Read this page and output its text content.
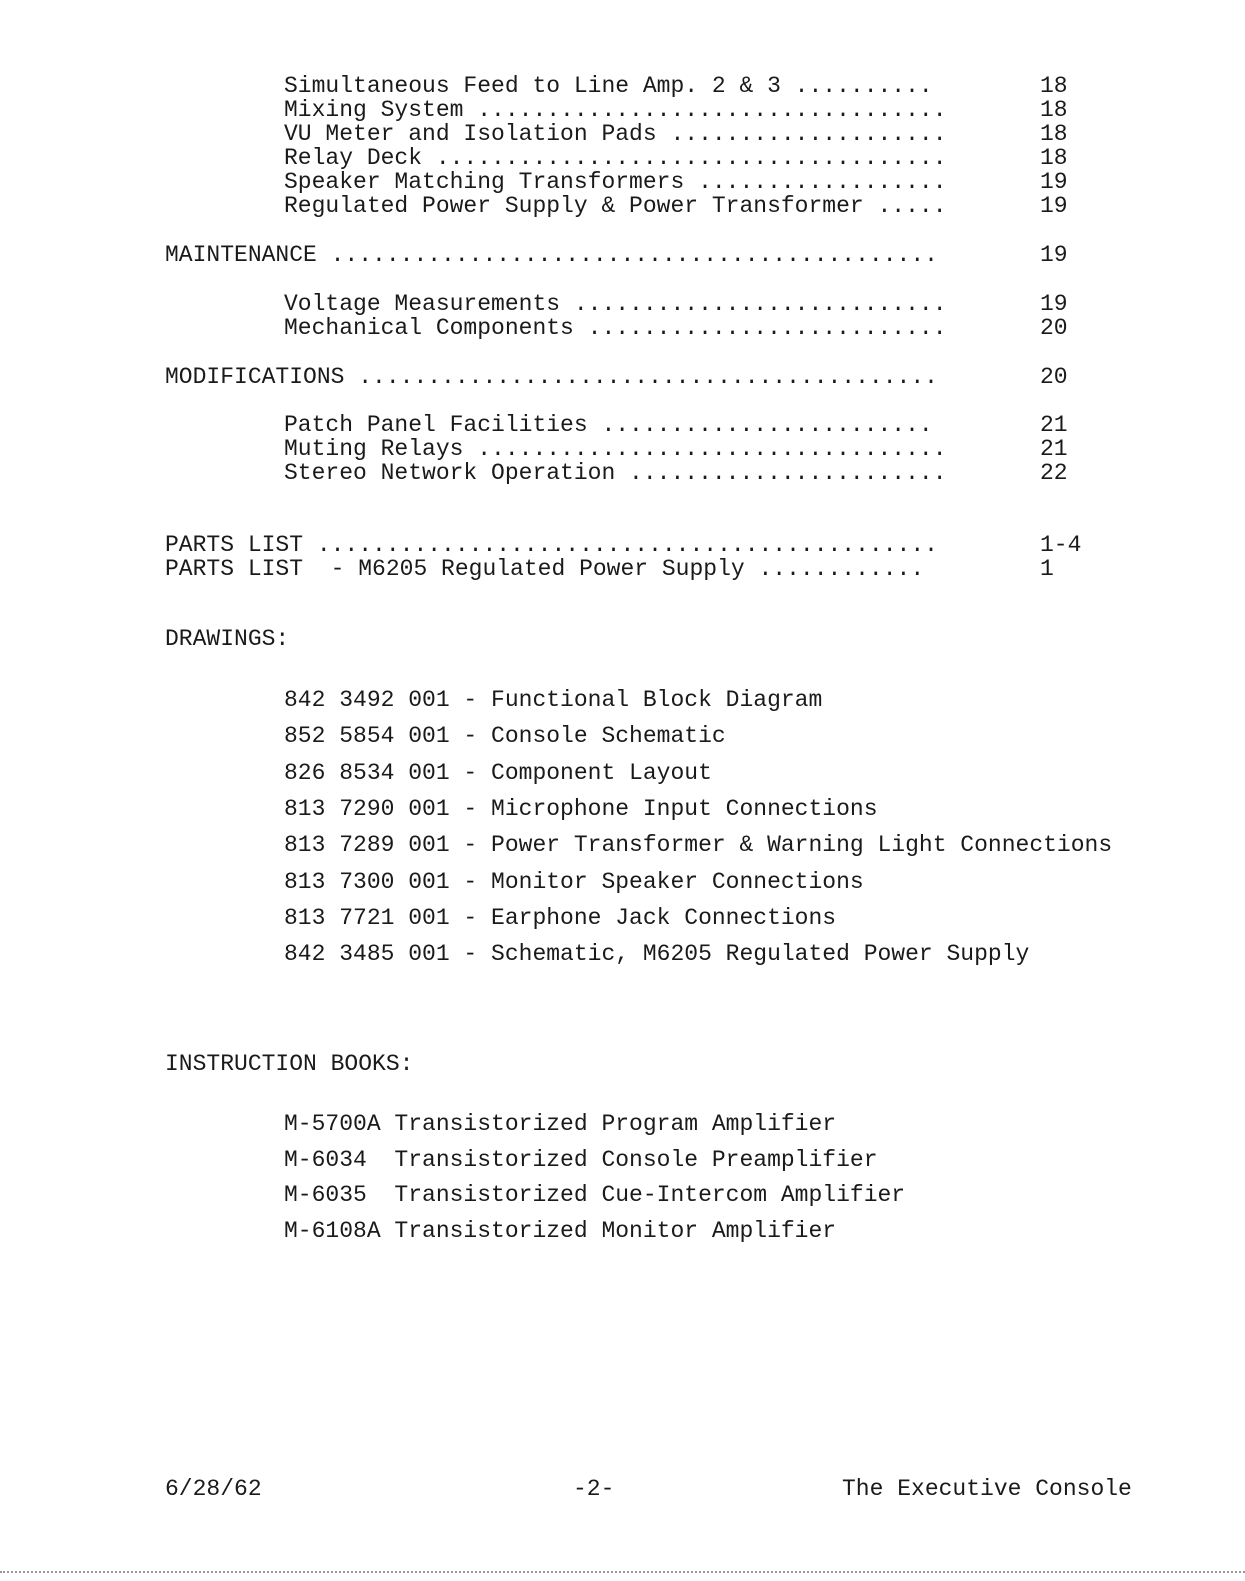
Simultaneous Feed to Line Amp. 2 & 3 ..........	18
Mixing System ..................................	18
VU Meter and Isolation Pads ....................	18
Relay Deck .....................................	18
Speaker Matching Transformers ..................	19
Regulated Power Supply & Power Transformer .....	19
MAINTENANCE ............................................	19
Voltage Measurements ...........................	19
Mechanical Components ..........................	20
MODIFICATIONS ..........................................	20
Patch Panel Facilities ........................	21
Muting Relays ..................................	21
Stereo Network Operation .......................	22
PARTS LIST .............................................	1-4
PARTS LIST  - M6205 Regulated Power Supply ............	1
DRAWINGS:
842 3492 001 - Functional Block Diagram
852 5854 001 - Console Schematic
826 8534 001 - Component Layout
813 7290 001 - Microphone Input Connections
813 7289 001 - Power Transformer & Warning Light Connections
813 7300 001 - Monitor Speaker Connections
813 7721 001 - Earphone Jack Connections
842 3485 001 - Schematic, M6205 Regulated Power Supply
INSTRUCTION BOOKS:
M-5700A Transistorized Program Amplifier
M-6034  Transistorized Console Preamplifier
M-6035  Transistorized Cue-Intercom Amplifier
M-6108A Transistorized Monitor Amplifier
6/28/62	-2-	The Executive Console
